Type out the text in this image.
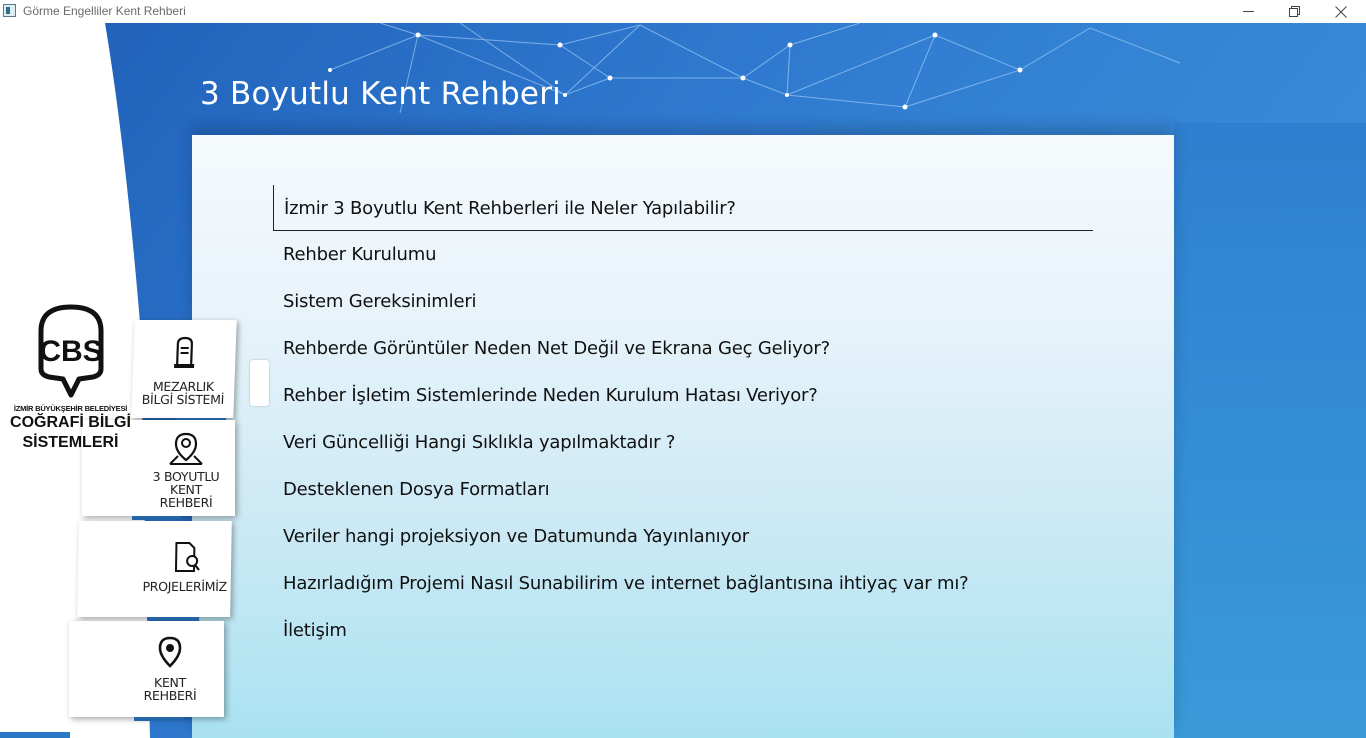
Görme Engelliler Kent Rehberi
3 Boyutlu Kent Rehberi
İzmir 3 Boyutlu Kent Rehberleri ile Neler Yapılabilir?
Rehber Kurulumu
Sistem Gereksinimleri
Rehberde Görüntüler Neden Net Değil ve Ekrana Geç Geliyor?
Rehber İşletim Sistemlerinde Neden Kurulum Hatası Veriyor?
Veri Güncelliği Hangi Sıklıkla yapılmaktadır ?
Desteklenen Dosya Formatları
Veriler hangi projeksiyon ve Datumunda Yayınlanıyor
Hazırladığım Projemi Nasıl Sunabilirim ve internet bağlantısına ihtiyaç var mı?
İletişim
MEZARLIK
BİLGİ SİSTEMİ
3 BOYUTLU
KENT
REHBERİ
PROJELERİMİZ
KENT
REHBERİ
CBS
İZMİR BÜYÜKŞEHİR BELEDİYESİ
COĞRAFİ BİLGİ
SİSTEMLERİ
